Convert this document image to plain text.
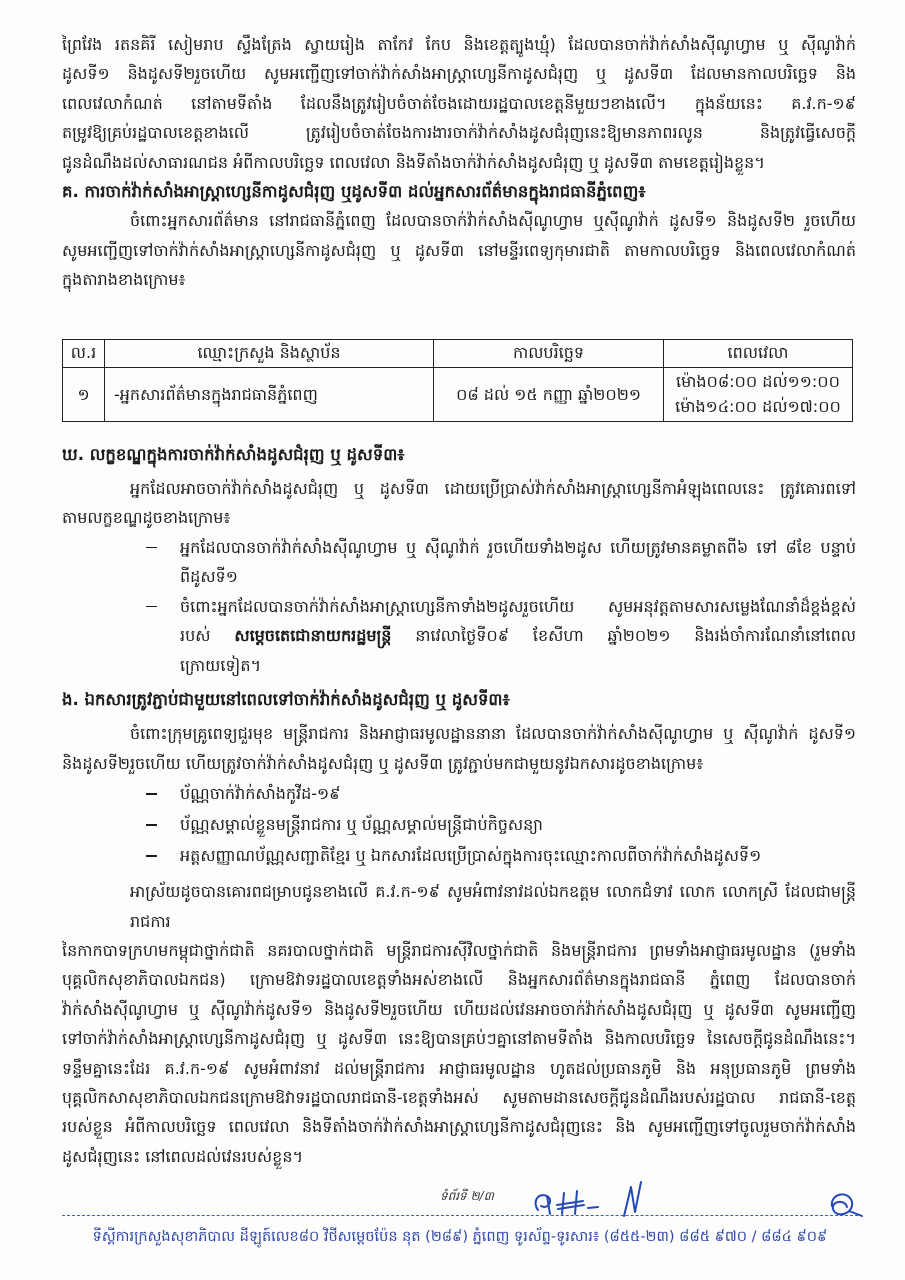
ព្រៃវែង រតនគិរី សៀមរាប ស្ទឹងត្រែង ស្វាយរៀង តាកែវ កែប និងខេត្តត្បូងឃ្មុំ) ដែលបានចាក់វ៉ាក់សាំងស៊ីណូហ្វាម ឬ ស៊ីណូវ៉ាក់
ដូសទី១ និងដូសទី២រួចហើយ សូមអញ្ជើញទៅចាក់វ៉ាក់សាំងអាស្ត្រាហ្សេនីកាដូសជំរុញ ឬ ដូសទី៣ ដែលមានកាលបរិច្ឆេទ និង
ពេលវេលាកំណត់ នៅតាមទីតាំង ដែលនឹងត្រូវរៀបចំចាត់ចែងដោយរដ្ឋបាលខេត្តនីមួយៗខាងលើ។ ក្នុងន័យនេះ គ.វ.ក-១៩
តម្រូវឱ្យគ្រប់រដ្ឋបាលខេត្តខាងលើ ត្រូវរៀបចំចាត់ចែងការងារចាក់វ៉ាក់សាំងដូសជំរុញនេះឱ្យមានភាពរលូន និងត្រូវធ្វើសេចក្តី
ជូនដំណឹងដល់សាធារណជន អំពីកាលបរិច្ឆេទ ពេលវេលា និងទីតាំងចាក់វ៉ាក់សាំងដូសជំរុញ ឬ ដូសទី៣ តាមខេត្តរៀងខ្លួន។
គ. ការចាក់វ៉ាក់សាំងអាស្ត្រាហ្សេនីកាដូសជំរុញ ឬដូសទី៣ ដល់អ្នកសារព័ត៌មានក្នុងរាជធានីភ្នំពេញ៖
ចំពោះអ្នកសារព័ត៌មាន នៅរាជធានីភ្នំពេញ ដែលបានចាក់វ៉ាក់សាំងស៊ីណូហ្វាម ឬស៊ីណូវ៉ាក់ ដូសទី១ និងដូសទី២ រួចហើយ
សូមអញ្ជើញទៅចាក់វ៉ាក់សាំងអាស្ត្រាហ្សេនីកាដូសជំរុញ ឬ ដូសទី៣ នៅមន្ទីរពេទ្យកុមារជាតិ តាមកាលបរិច្ឆេទ និងពេលវេលាកំណត់
ក្នុងតារាងខាងក្រោម៖
ល.រ	ឈ្មោះក្រសួង និងស្ថាប័ន	កាលបរិច្ឆេទ	ពេលវេលា
១	-អ្នកសារព័ត៌មានក្នុងរាជធានីភ្នំពេញ	០៨ ដល់ ១៥ កញ្ញា ឆ្នាំ២០២១	ម៉ោង០៨:០០ ដល់១១:០០
ម៉ោង១៤:០០ ដល់១៧:០០
ឃ. លក្ខខណ្ឌក្នុងការចាក់វ៉ាក់សាំងដូសជំរុញ ឬ ដូសទី៣៖
អ្នកដែលអាចចាក់វ៉ាក់សាំងដូសជំរុញ ឬ ដូសទី៣ ដោយប្រើប្រាស់វ៉ាក់សាំងអាស្ត្រាហ្សេនីកាអំឡុងពេលនេះ ត្រូវគោរពទៅ
តាមលក្ខខណ្ឌដូចខាងក្រោម៖
អ្នកដែលបានចាក់វ៉ាក់សាំងស៊ីណូហ្វាម ឬ ស៊ីណូវ៉ាក់ រួចហើយទាំង២ដូស ហើយត្រូវមានគម្លាតពី៦ ទៅ ៨ខែ បន្ទាប់
ពីដូសទី១
ចំពោះអ្នកដែលបានចាក់វ៉ាក់សាំងអាស្ត្រាហ្សេនីកាទាំង២ដូសរួចហើយ សូមអនុវត្តតាមសារសម្លេងណែនាំដ៏ខ្ពង់ខ្ពស់
របស់ សម្តេចតេជោនាយករដ្ឋមន្ត្រី នាវេលាថ្ងៃទី០៩ ខែសីហា ឆ្នាំ២០២១ និងរង់ចាំការណែនាំនៅពេល
ក្រោយទៀត។
ង. ឯកសារត្រូវភ្ជាប់ជាមួយនៅពេលទៅចាក់វ៉ាក់សាំងដូសជំរុញ ឬ ដូសទី៣៖
ចំពោះក្រុមគ្រូពេទ្យជួរមុខ មន្ត្រីរាជការ និងអាជ្ញាធរមូលដ្ឋាននានា ដែលបានចាក់វ៉ាក់សាំងស៊ីណូហ្វាម ឬ ស៊ីណូវ៉ាក់ ដូសទី១
និងដូសទី២រួចហើយ ហើយត្រូវចាក់វ៉ាក់សាំងដូសជំរុញ ឬ ដូសទី៣ ត្រូវភ្ជាប់មកជាមួយនូវឯកសារដូចខាងក្រោម៖
ប័ណ្ណចាក់វ៉ាក់សាំងកូវីដ-១៩
ប័ណ្ណសម្គាល់ខ្លួនមន្ត្រីរាជការ ឬ ប័ណ្ណសម្គាល់មន្ត្រីជាប់កិច្ចសន្យា
អត្តសញ្ញាណប័ណ្ណសញ្ជាតិខ្មែរ ឬ ឯកសារដែលប្រើប្រាស់ក្នុងការចុះឈ្មោះកាលពីចាក់វ៉ាក់សាំងដូសទី១
អាស្រ័យដូចបានគោរពជម្រាបជូនខាងលើ គ.វ.ក-១៩ សូមអំពាវនាវដល់ឯកឧត្តម លោកជំទាវ លោក លោកស្រី ដែលជាមន្ត្រីរាជការ
នៃកាកបាទក្រហមកម្ពុជាថ្នាក់ជាតិ នគរបាលថ្នាក់ជាតិ មន្ត្រីរាជការស៊ីវិលថ្នាក់ជាតិ និងមន្ត្រីរាជការ ព្រមទាំងអាជ្ញាធរមូលដ្ឋាន (រួមទាំង
បុគ្គលិកសុខាភិបាលឯកជន) ក្រោមឱវាទរដ្ឋបាលខេត្តទាំងអស់ខាងលើ និងអ្នកសារព័ត៌មានក្នុងរាជធានី ភ្នំពេញ ដែលបានចាក់
វ៉ាក់សាំងស៊ីណូហ្វាម ឬ ស៊ីណូវ៉ាក់ដូសទី១ និងដូសទី២រួចហើយ ហើយដល់វេនអាចចាក់វ៉ាក់សាំងដូសជំរុញ ឬ ដូសទី៣ សូមអញ្ជើញ
ទៅចាក់វ៉ាក់សាំងអាស្ត្រាហ្សេនីកាដូសជំរុញ ឬ ដូសទី៣ នេះឱ្យបានគ្រប់ៗគ្នានៅតាមទីតាំង និងកាលបរិច្ឆេទ នៃសេចក្តីជូនដំណឹងនេះ។
ទន្ទឹមគ្នានេះដែរ គ.វ.ក-១៩ សូមអំពាវនាវ ដល់មន្ត្រីរាជការ អាជ្ញាធរមូលដ្ឋាន ហូតដល់ប្រធានភូមិ និង អនុប្រធានភូមិ ព្រមទាំង
បុគ្គលិកសាសុខាភិបាលឯកជនក្រោមឱវាទរដ្ឋបាលរាជធានី-ខេត្តទាំងអស់ សូមតាមដានសេចក្តីជូនដំណឹងរបស់រដ្ឋបាល រាជធានី-ខេត្ត
របស់ខ្លួន អំពីកាលបរិច្ឆេទ ពេលវេលា និងទីតាំងចាក់វ៉ាក់សាំងអាស្ត្រាហ្សេនីកាដូសជំរុញនេះ និង សូមអញ្ជើញទៅចូលរួមចាក់វ៉ាក់សាំង
ដូសជំរុញនេះ នៅពេលដល់វេនរបស់ខ្លួន។
ទំព័រទី ២/៣
ទីស្តីការក្រសួងសុខាភិបាល ដីឡូត៍លេខ៨០ វិថីសម្តេចប៉ែន នុត (២៨៩) ភ្នំពេញ ទូរស័ព្ទ-ទូរសារ៖ (៨៥៥-២៣) ៨៨៥ ៩៧០ / ៨៨៤ ៩០៩
